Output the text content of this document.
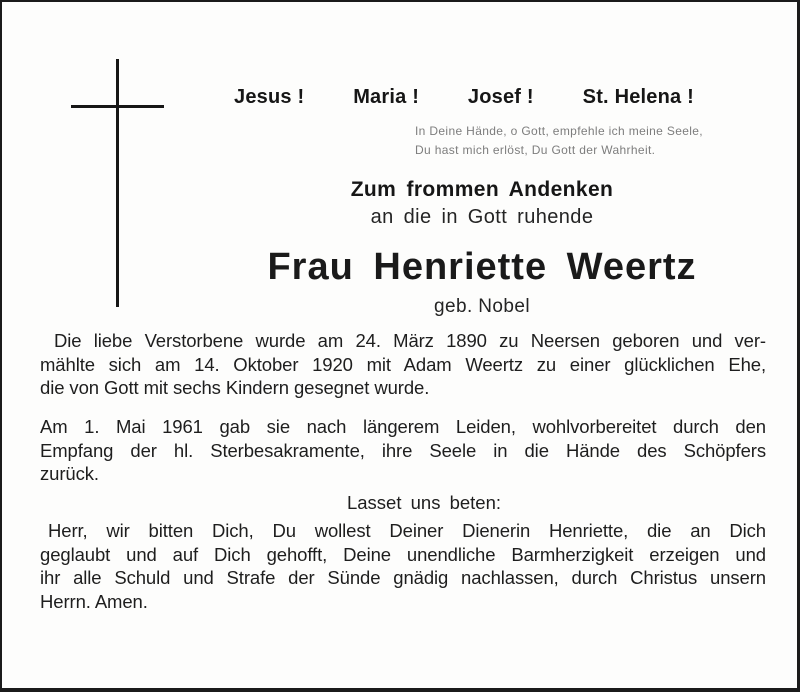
Jesus ! Maria ! Josef ! St. Helena !
In Deine Hände, o Gott, empfehle ich meine Seele,
Du hast mich erlöst, Du Gott der Wahrheit.
Zum frommen Andenken
an die in Gott ruhende
Frau Henriette Weertz
geb. Nobel
Die liebe Verstorbene wurde am 24. März 1890 zu Neersen geboren und ver-
mählte sich am 14. Oktober 1920 mit Adam Weertz zu einer glücklichen Ehe,
die von Gott mit sechs Kindern gesegnet wurde.
Am 1. Mai 1961 gab sie nach längerem Leiden, wohlvorbereitet durch den
Empfang der hl. Sterbesakramente, ihre Seele in die Hände des Schöpfers
zurück.
Lasset uns beten:
Herr, wir bitten Dich, Du wollest Deiner Dienerin Henriette, die an Dich
geglaubt und auf Dich gehofft, Deine unendliche Barmherzigkeit erzeigen und
ihr alle Schuld und Strafe der Sünde gnädig nachlassen, durch Christus unsern
Herrn. Amen.
